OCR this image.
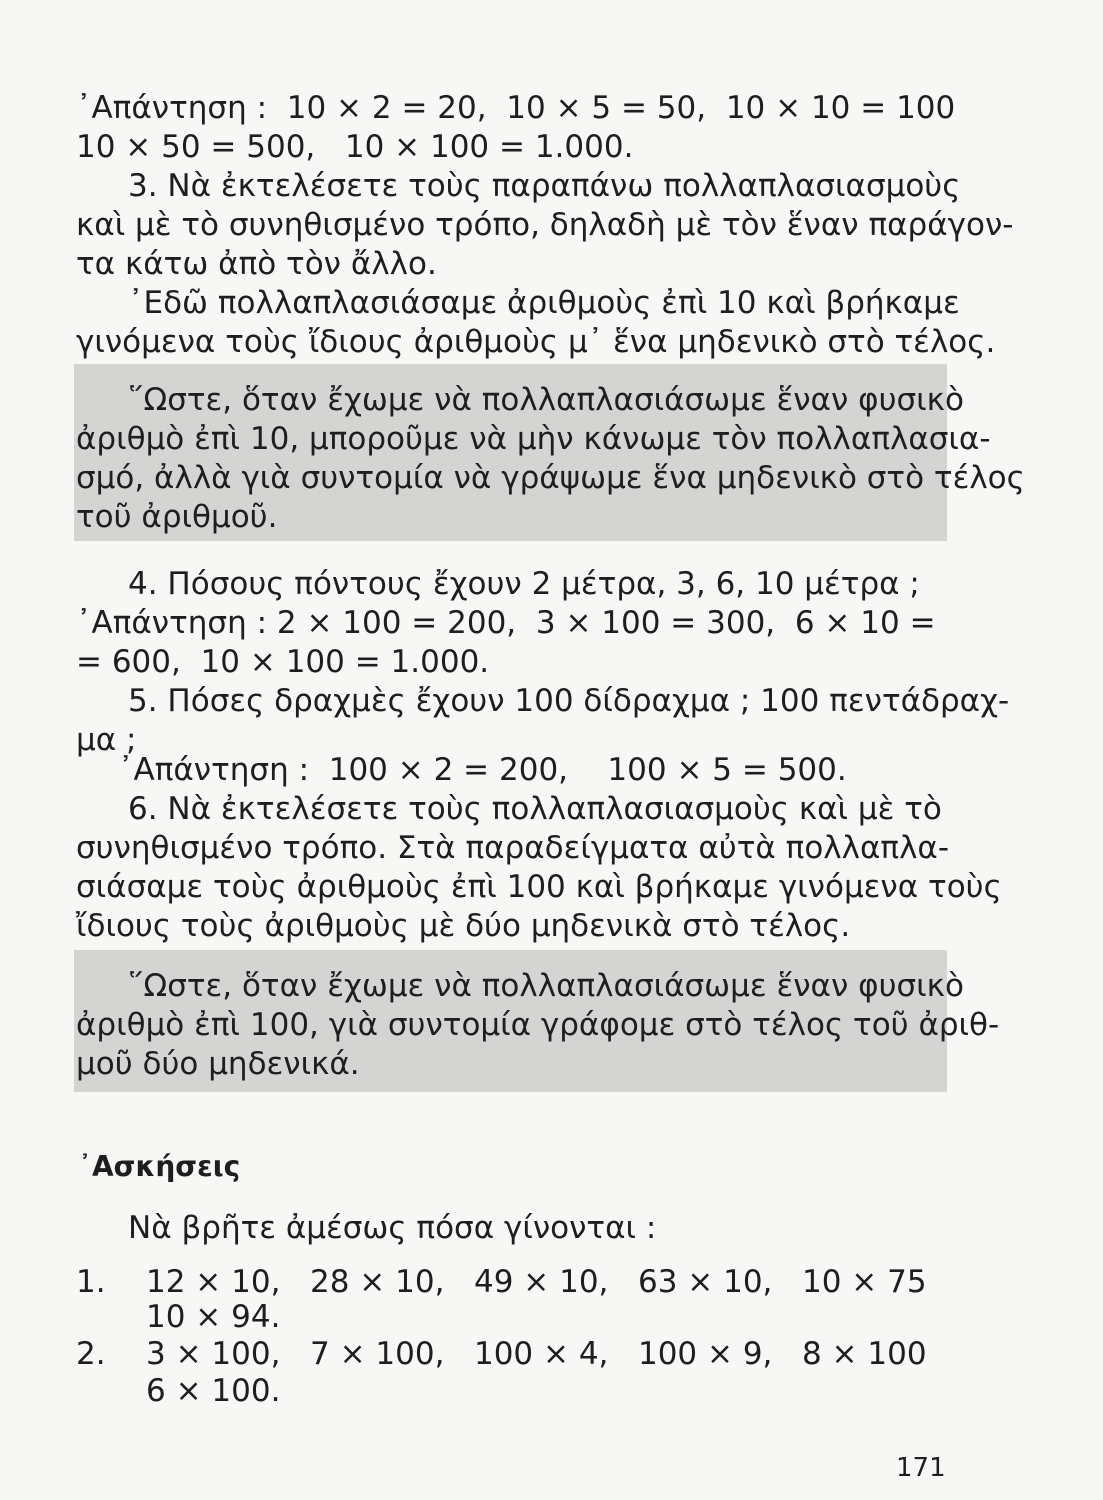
᾿Απάντηση :  10 × 2 = 20,  10 × 5 = 50,  10 × 10 = 100
10 × 50 = 500,   10 × 100 = 1.000.
3. Νὰ ἐκτελέσετε τοὺς παραπάνω πολλαπλασιασμοὺς
καὶ μὲ τὸ συνηθισμένο τρόπο, δηλαδὴ μὲ τὸν ἕναν παράγον-
τα κάτω ἀπὸ τὸν ἄλλο.
᾿Εδῶ πολλαπλασιάσαμε ἀριθμοὺς ἐπὶ 10 καὶ βρήκαμε
γινόμενα τοὺς ἴδιους ἀριθμοὺς μ᾿ ἕνα μηδενικὸ στὸ τέλος.
῞Ωστε, ὅταν ἔχωμε νὰ πολλαπλασιάσωμε ἕναν φυσικὸ
ἀριθμὸ ἐπὶ 10, μποροῦμε νὰ μὴν κάνωμε τὸν πολλαπλασια-
σμό, ἀλλὰ γιὰ συντομία νὰ γράψωμε ἕνα μηδενικὸ στὸ τέλος
τοῦ ἀριθμοῦ.
4. Πόσους πόντους ἔχουν 2 μέτρα, 3, 6, 10 μέτρα ;
᾿Απάντηση : 2 × 100 = 200,  3 × 100 = 300,  6 × 10 =
= 600,  10 × 100 = 1.000.
5. Πόσες δραχμὲς ἔχουν 100 δίδραχμα ; 100 πεντάδραχ-
μα ;
᾿Απάντηση :  100 × 2 = 200,    100 × 5 = 500.
6. Νὰ ἐκτελέσετε τοὺς πολλαπλασιασμοὺς καὶ μὲ τὸ
συνηθισμένο τρόπο. Στὰ παραδείγματα αὐτὰ πολλαπλα-
σιάσαμε τοὺς ἀριθμοὺς ἐπὶ 100 καὶ βρήκαμε γινόμενα τοὺς
ἴδιους τοὺς ἀριθμοὺς μὲ δύο μηδενικὰ στὸ τέλος.
῞Ωστε, ὅταν ἔχωμε νὰ πολλαπλασιάσωμε ἕναν φυσικὸ
ἀριθμὸ ἐπὶ 100, γιὰ συντομία γράφομε στὸ τέλος τοῦ ἀριθ-
μοῦ δύο μηδενικά.
᾿Ασκήσεις
Νὰ βρῆτε ἀμέσως πόσα γίνονται :
1. 12 × 10,   28 × 10,   49 × 10,   63 × 10,   10 × 75
10 × 94.
2. 3 × 100,   7 × 100,   100 × 4,   100 × 9,   8 × 100
6 × 100.
171
